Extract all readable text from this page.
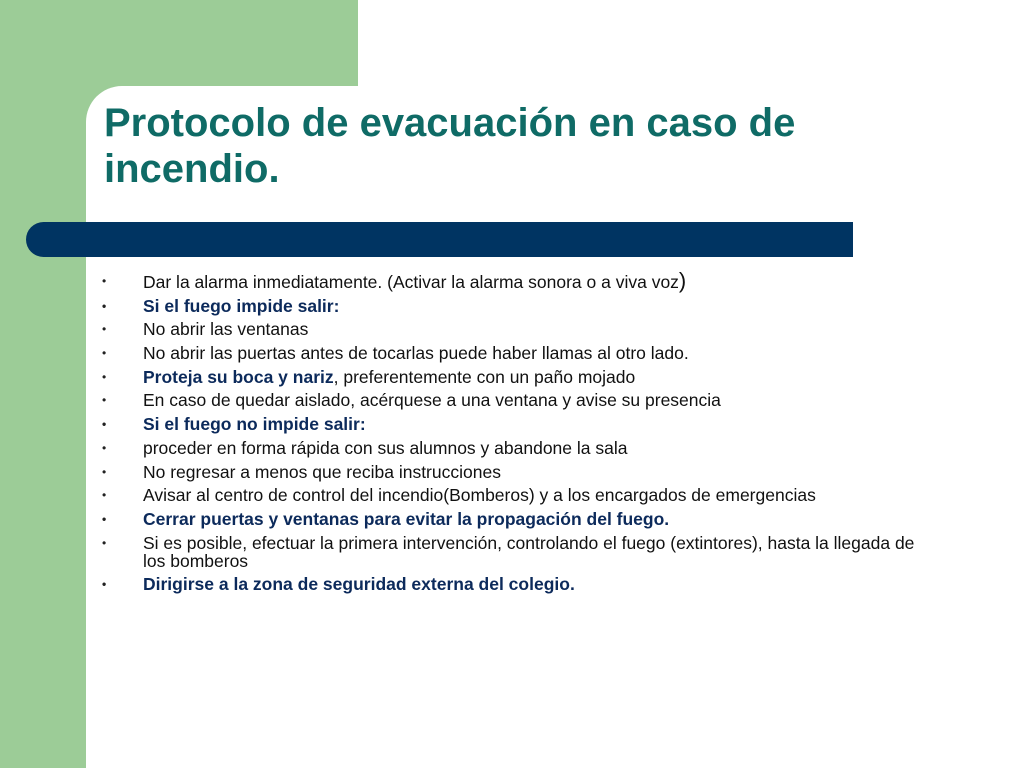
Protocolo de evacuación en caso de incendio.
• Dar la alarma inmediatamente. (Activar la alarma sonora o a viva voz)
• Si el fuego impide salir:
• No abrir las ventanas
• No abrir las puertas antes de tocarlas puede haber llamas al otro lado.
• Proteja su boca y nariz, preferentemente con un paño mojado
• En caso de quedar aislado, acérquese a una ventana y avise su presencia
• Si el fuego no impide salir:
• proceder en forma rápida con sus alumnos y abandone la sala
• No regresar a menos que reciba instrucciones
• Avisar al centro de control del incendio(Bomberos) y a los encargados de emergencias
• Cerrar puertas y ventanas para evitar la propagación del fuego.
• Si es posible, efectuar la primera intervención, controlando el fuego (extintores), hasta la llegada de los bomberos
• Dirigirse a la zona de seguridad externa del colegio.
